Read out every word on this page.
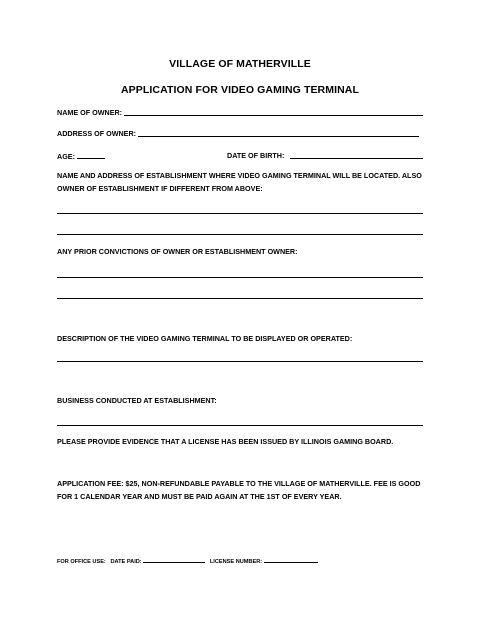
VILLAGE OF MATHERVILLE
APPLICATION FOR VIDEO GAMING TERMINAL
NAME OF OWNER:
ADDRESS OF OWNER:
AGE:	DATE OF BIRTH:
NAME AND ADDRESS OF ESTABLISHMENT WHERE VIDEO GAMING TERMINAL WILL BE LOCATED. ALSO OWNER OF ESTABLISHMENT IF DIFFERENT FROM ABOVE:
ANY PRIOR CONVICTIONS OF OWNER OR ESTABLISHMENT OWNER:
DESCRIPTION OF THE VIDEO GAMING TERMINAL TO BE DISPLAYED OR OPERATED:
BUSINESS CONDUCTED AT ESTABLISHMENT:
PLEASE PROVIDE EVIDENCE THAT A LICENSE HAS BEEN ISSUED BY ILLINOIS GAMING BOARD.
APPLICATION FEE: $25, NON-REFUNDABLE PAYABLE TO THE VILLAGE OF MATHERVILLE. FEE IS GOOD FOR 1 CALENDAR YEAR AND MUST BE PAID AGAIN AT THE 1ST OF EVERY YEAR.
FOR OFFICE USE: DATE PAID:	LICENSE NUMBER:
